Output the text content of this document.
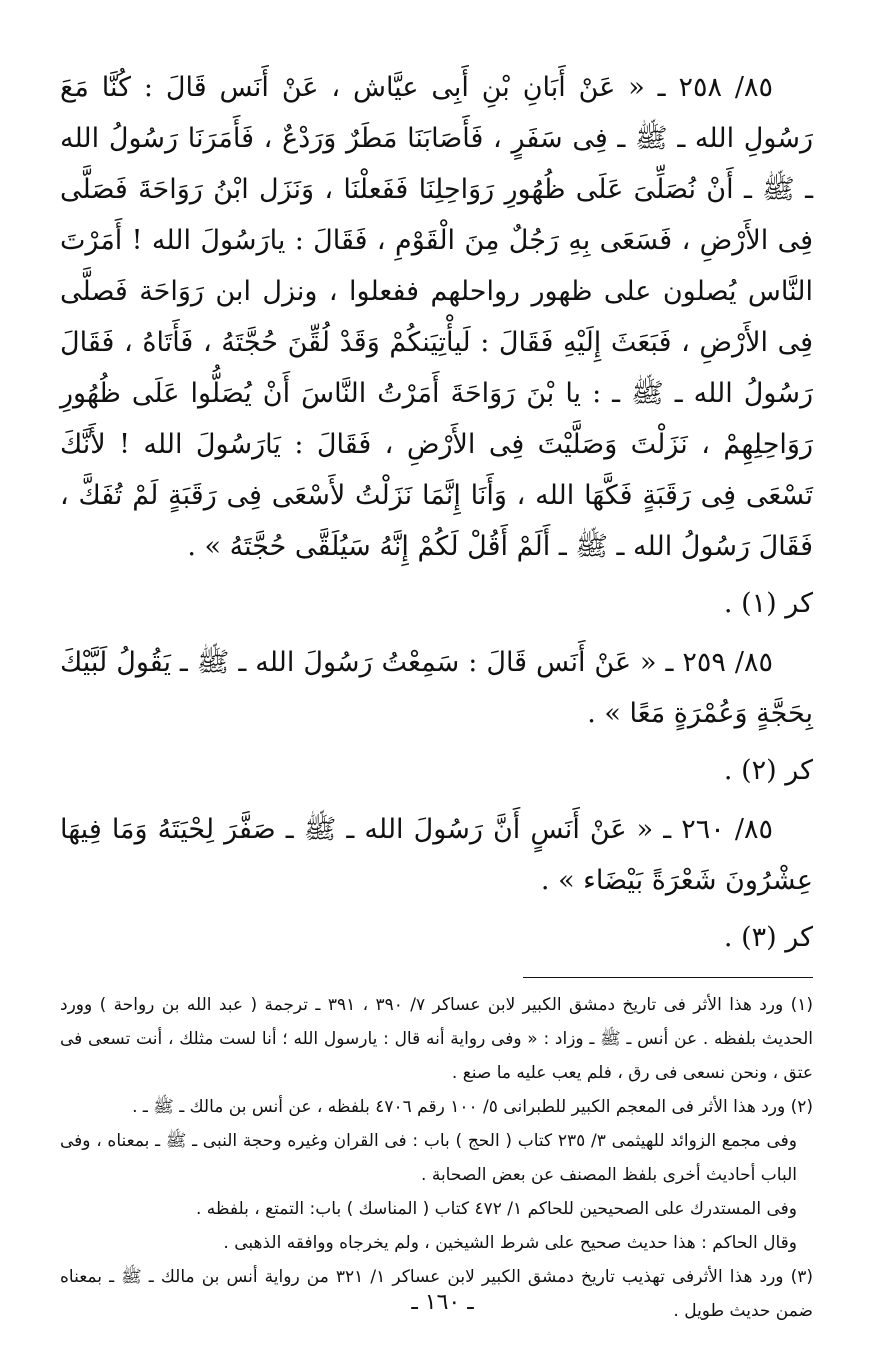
٨٥/ ٢٥٨ ـ « عَنْ أَبَانِ بْنِ أَبِى عيَّاش ، عَنْ أَنَس قَالَ : كُنَّا مَعَ رَسُولِ الله ـ ﷺ ـ فِى سَفَرٍ ، فَأَصَابَنَا مَطَرٌ وَرَدْعٌ ، فَأَمَرَنَا رَسُولُ الله ـ ﷺ ـ أَنْ نُصَلِّىَ عَلَى ظُهُورِ رَوَاحِلِنَا فَفَعلْنَا ، وَنَزَل ابْنُ رَوَاحَةَ فَصَلَّى فِى الأَرْضِ ، فَسَعَى بِهِ رَجُلٌ مِنَ الْقَوْمِ ، فَقَالَ : يارَسُولَ الله ! أَمَرْتَ النَّاس يُصلون على ظهور رواحلهم ففعلوا ، ونزل ابن رَوَاحَة فَصلَّى فِى الأَرْضِ ، فَبَعَثَ إِلَيْهِ فَقَالَ : لَيأْتِيَنكُمْ وَقَدْ لُقِّنَ حُجَّتَهُ ، فَأَتَاهُ ، فَقَالَ رَسُولُ الله ـ ﷺ ـ : يا بْنَ رَوَاحَةَ أَمَرْتُ النَّاسَ أَنْ يُصَلُّوا عَلَى ظُهُورِ رَوَاحِلِهِمْ ، نَزَلْتَ وَصَلَّيْتَ فِى الأَرْضِ ، فَقَالَ : يَارَسُولَ الله ! لأَنَّكَ تَسْعَى فِى رَقَبَةٍ فَكَّهَا الله ، وَأَنَا إِنَّمَا نَزَلْتُ لأَسْعَى فِى رَقَبَةٍ لَمْ تُفَكَّ ، فَقَالَ رَسُولُ الله ـ ﷺ ـ أَلَمْ أَقُلْ لَكُمْ إِنَّهُ سَيُلَقَّى حُجَّتَهُ » .

كر (١) .

٨٥/ ٢٥٩ ـ « عَنْ أَنَس قَالَ : سَمِعْتُ رَسُولَ الله ـ ﷺ ـ يَقُولُ لَبَّيْكَ بِحَجَّةٍ وَعُمْرَةٍ مَعًا » .

كر (٢) .

٨٥/ ٢٦٠ ـ « عَنْ أَنَسٍ أَنَّ رَسُولَ الله ـ ﷺ ـ صَفَّرَ لِحْيَتَهُ وَمَا فِيهَا عِشْرُونَ شَعْرَةً بَيْضَاء » .

كر (٣) .

(١) ورد هذا الأثر فى تاريخ دمشق الكبير لابن عساكر ٧/ ٣٩٠ ، ٣٩١ ـ ترجمة ( عبد الله بن رواحة ) وورد الحديث بلفظه . عن أنس ـ ﷺ ـ وزاد : « وفى رواية أنه قال : يارسول الله ؛ أنا لست مثلك ، أنت تسعى فى عتق ، ونحن نسعى فى رق ، فلم يعب عليه ما صنع .

(٢) ورد هذا الأثر فى المعجم الكبير للطبرانى ٥/ ١٠٠ رقم ٤٧٠٦ بلفظه ، عن أنس بن مالك ـ ﷺ ـ .

وفى مجمع الزوائد للهيثمى ٣/ ٢٣٥ كتاب ( الحج ) باب : فى القران وغيره وحجة النبى ـ ﷺ ـ بمعناه ، وفى الباب أحاديث أخرى بلفظ المصنف عن بعض الصحابة .

وفى المستدرك على الصحيحين للحاكم ١/ ٤٧٢ كتاب ( المناسك ) باب: التمتع ، بلفظه .

وقال الحاكم : هذا حديث صحيح على شرط الشيخين ، ولم يخرجاه ووافقه الذهبى .

(٣) ورد هذا الأثرفى تهذيب تاريخ دمشق الكبير لابن عساكر ١/ ٣٢١ من رواية أنس بن مالك ـ ﷺ ـ بمعناه ضمن حديث طويل .

ـ ١٦٠ ـ
